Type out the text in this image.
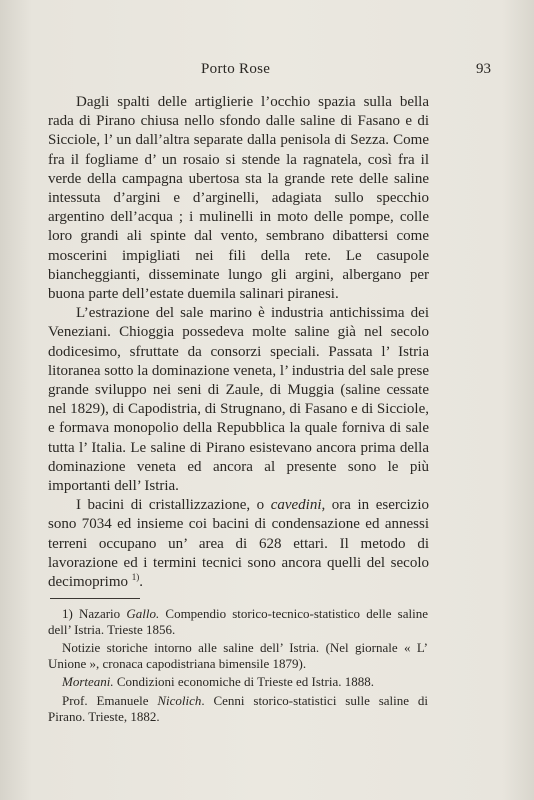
Porto Rose	93

Dagli spalti delle artiglierie l’occhio spazia sulla bella rada di Pirano chiusa nello sfondo dalle saline di Fasano e di Sicciole, l’ un dall’altra separate dalla penisola di Sezza. Come fra il fogliame d’ un rosaio si stende la ragnatela, così fra il verde della campagna ubertosa sta la grande rete delle saline intessuta d’argini e d’arginelli, adagiata sullo specchio argentino dell’acqua ; i mulinelli in moto delle pompe, colle loro grandi ali spinte dal vento, sembrano dibattersi come moscerini impigliati nei fili della rete. Le casupole biancheggianti, disseminate lungo gli argini, albergano per buona parte dell’estate duemila salinari piranesi.

L’estrazione del sale marino è industria antichissima dei Veneziani. Chioggia possedeva molte saline già nel secolo dodicesimo, sfruttate da consorzi speciali. Passata l’ Istria litoranea sotto la dominazione veneta, l’ industria del sale prese grande sviluppo nei seni di Zaule, di Muggia (saline cessate nel 1829), di Capodistria, di Strugnano, di Fasano e di Sicciole, e formava monopolio della Repubblica la quale forniva di sale tutta l’ Italia. Le saline di Pirano esistevano ancora prima della dominazione veneta ed ancora al presente sono le più importanti dell’ Istria.

I bacini di cristallizzazione, o cavedini, ora in esercizio sono 7034 ed insieme coi bacini di condensazione ed annessi terreni occupano un’ area di 628 ettari. Il metodo di lavorazione ed i termini tecnici sono ancora quelli del secolo decimoprimo $^{1)}$.

1) Nazario Gallo. Compendio storico-tecnico-statistico delle saline dell’ Istria. Trieste 1856.

Notizie storiche intorno alle saline dell’ Istria. (Nel giornale « L’ Unione », cronaca capodistriana bimensile 1879).

Morteani. Condizioni economiche di Trieste ed Istria. 1888.

Prof. Emanuele Nicolich. Cenni storico-statistici sulle saline di Pirano. Trieste, 1882.
